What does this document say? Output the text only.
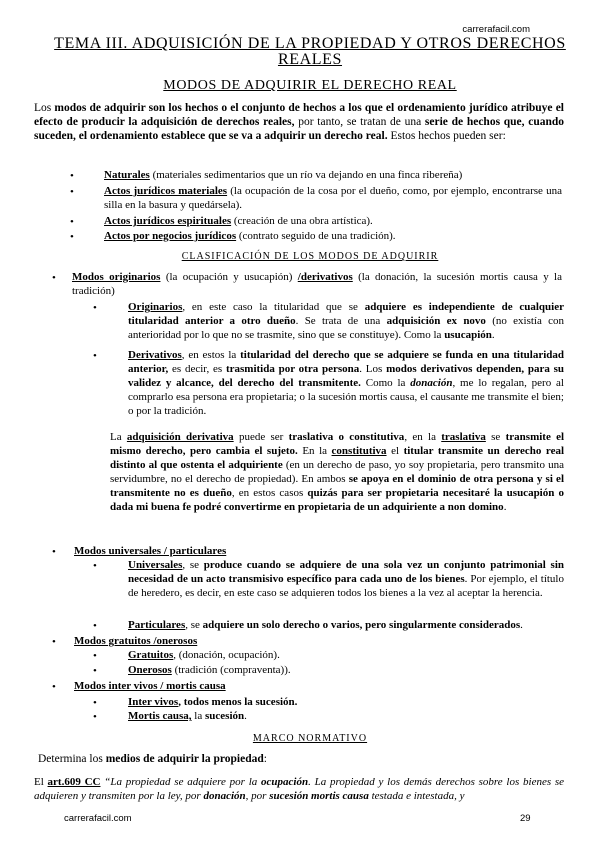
carrerafacil.com
TEMA III. ADQUISICIÓN DE LA PROPIEDAD Y OTROS DERECHOS REALES
MODOS DE ADQUIRIR EL DERECHO REAL
Los modos de adquirir son los hechos o el conjunto de hechos a los que el ordenamiento jurídico atribuye el efecto de producir la adquisición de derechos reales, por tanto, se tratan de una serie de hechos que, cuando suceden, el ordenamiento establece que se va a adquirir un derecho real. Estos hechos pueden ser:
•	Naturales (materiales sedimentarios que un río va dejando en una finca ribereña)
•	Actos jurídicos materiales (la ocupación de la cosa por el dueño, como, por ejemplo, encontrarse una silla en la basura y quedársela).
•	Actos jurídicos espirituales (creación de una obra artística).
•	Actos por negocios jurídicos (contrato seguido de una tradición).
CLASIFICACIÓN DE LOS MODOS DE ADQUIRIR
• Modos originarios (la ocupación y usucapión) /derivativos (la donación, la sucesión mortis causa y la tradición)
•	Originarios, en este caso la titularidad que se adquiere es independiente de cualquier titularidad anterior a otro dueño. Se trata de una adquisición ex novo (no existía con anterioridad por lo que no se trasmite, sino que se constituye). Como la usucapión.
•	Derivativos, en estos la titularidad del derecho que se adquiere se funda en una titularidad anterior, es decir, es trasmitida por otra persona. Los modos derivativos dependen, para su validez y alcance, del derecho del transmitente. Como la donación, me lo regalan, pero al comprarlo esa persona era propietaria; o la sucesión mortis causa, el causante me transmite el bien; o por la tradición.
La adquisición derivativa puede ser traslativa o constitutiva, en la traslativa se transmite el mismo derecho, pero cambia el sujeto. En la constitutiva el titular transmite un derecho real distinto al que ostenta el adquiriente (en un derecho de paso, yo soy propietaria, pero transmito una servidumbre, no el derecho de propiedad). En ambos se apoya en el dominio de otra persona y si el transmitente no es dueño, en estos casos quizás para ser propietaria necesitaré la usucapión o dada mi buena fe podré convertirme en propietaria de un adquiriente a non domino.
• Modos universales / particulares
•	Universales, se produce cuando se adquiere de una sola vez un conjunto patrimonial sin necesidad de un acto transmisivo específico para cada uno de los bienes. Por ejemplo, el título de heredero, es decir, en este caso se adquieren todos los bienes a la vez al aceptar la herencia.
•	Particulares, se adquiere un solo derecho o varios, pero singularmente considerados.
• Modos gratuitos /onerosos
•	Gratuitos, (donación, ocupación).
•	Onerosos (tradición (compraventa)).
• Modos inter vivos / mortis causa
•	Inter vivos, todos menos la sucesión.
•	Mortis causa, la sucesión.
MARCO NORMATIVO
Determina los medios de adquirir la propiedad:
El art.609 CC “La propiedad se adquiere por la ocupación. La propiedad y los demás derechos sobre los bienes se adquieren y transmiten por la ley, por donación, por sucesión mortis causa testada e intestada, y
carrerafacil.com	29
